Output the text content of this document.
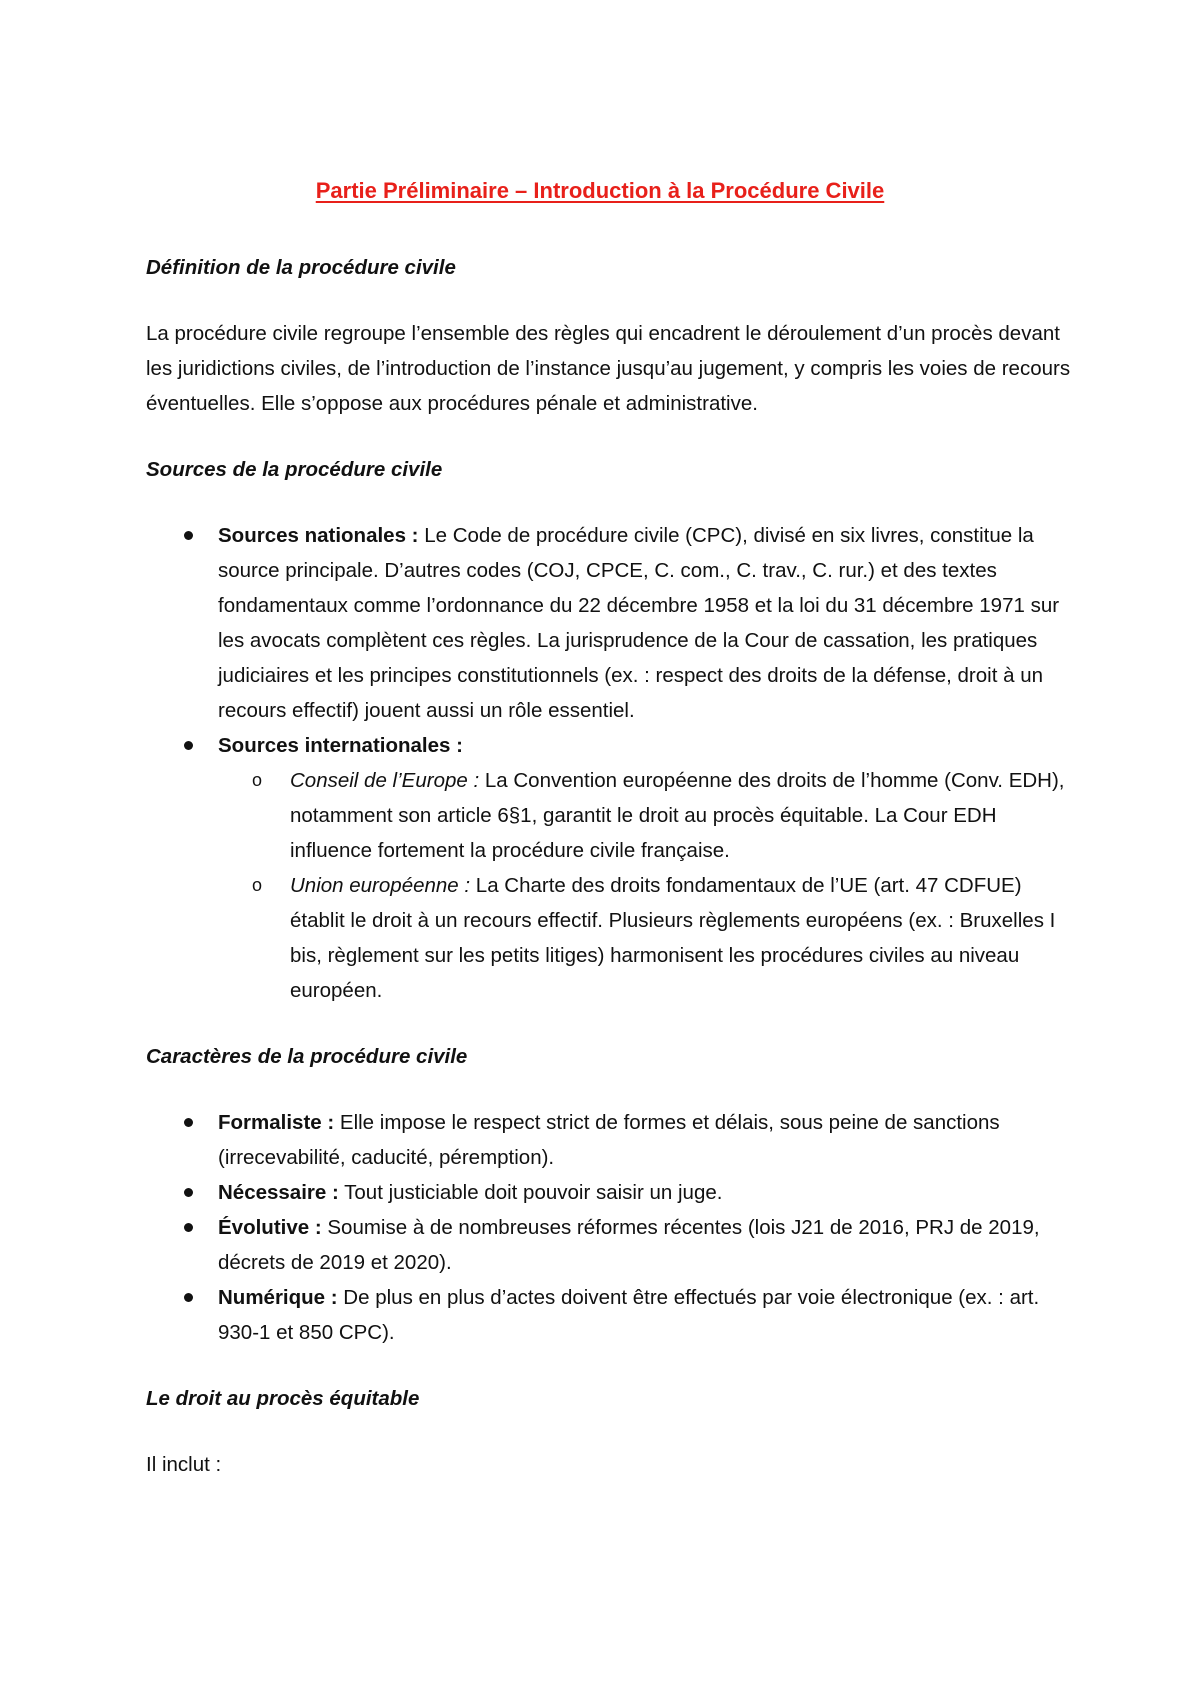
Partie Préliminaire – Introduction à la Procédure Civile
Définition de la procédure civile

La procédure civile regroupe l’ensemble des règles qui encadrent le déroulement d’un procès devant les juridictions civiles, de l’introduction de l’instance jusqu’au jugement, y compris les voies de recours éventuelles. Elle s’oppose aux procédures pénale et administrative.

Sources de la procédure civile
Sources nationales : Le Code de procédure civile (CPC), divisé en six livres, constitue la source principale. D’autres codes (COJ, CPCE, C. com., C. trav., C. rur.) et des textes fondamentaux comme l’ordonnance du 22 décembre 1958 et la loi du 31 décembre 1971 sur les avocats complètent ces règles. La jurisprudence de la Cour de cassation, les pratiques judiciaires et les principes constitutionnels (ex. : respect des droits de la défense, droit à un recours effectif) jouent aussi un rôle essentiel.
Sources internationales :
o Conseil de l’Europe : La Convention européenne des droits de l’homme (Conv. EDH), notamment son article 6§1, garantit le droit au procès équitable. La Cour EDH influence fortement la procédure civile française.
o Union européenne : La Charte des droits fondamentaux de l’UE (art. 47 CDFUE) établit le droit à un recours effectif. Plusieurs règlements européens (ex. : Bruxelles I bis, règlement sur les petits litiges) harmonisent les procédures civiles au niveau européen.
Caractères de la procédure civile
Formaliste : Elle impose le respect strict de formes et délais, sous peine de sanctions (irrecevabilité, caducité, péremption).
Nécessaire : Tout justiciable doit pouvoir saisir un juge.
Évolutive : Soumise à de nombreuses réformes récentes (lois J21 de 2016, PRJ de 2019, décrets de 2019 et 2020).
Numérique : De plus en plus d’actes doivent être effectués par voie électronique (ex. : art. 930-1 et 850 CPC).
Le droit au procès équitable

Il inclut :
